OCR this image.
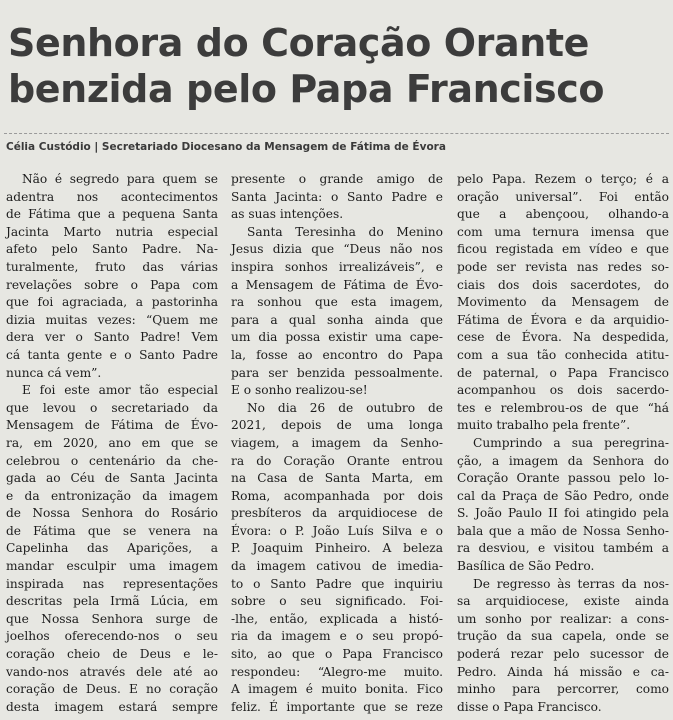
Senhora do Coração Orante
benzida pelo Papa Francisco
Célia Custódio | Secretariado Diocesano da Mensagem de Fátima de Évora
Não é segredo para quem se
adentra nos acontecimentos
de Fátima que a pequena Santa
Jacinta Marto nutria especial
afeto pelo Santo Padre. Na-
turalmente, fruto das várias
revelações sobre o Papa com
que foi agraciada, a pastorinha
dizia muitas vezes: “Quem me
dera ver o Santo Padre! Vem
cá tanta gente e o Santo Padre
nunca cá vem”.
E foi este amor tão especial
que levou o secretariado da
Mensagem de Fátima de Évo-
ra, em 2020, ano em que se
celebrou o centenário da che-
gada ao Céu de Santa Jacinta
e da entronização da imagem
de Nossa Senhora do Rosário
de Fátima que se venera na
Capelinha das Aparições, a
mandar esculpir uma imagem
inspirada nas representações
descritas pela Irmã Lúcia, em
que Nossa Senhora surge de
joelhos oferecendo-nos o seu
coração cheio de Deus e le-
vando-nos através dele até ao
coração de Deus. E no coração
desta imagem estará sempre
presente o grande amigo de
Santa Jacinta: o Santo Padre e
as suas intenções.
Santa Teresinha do Menino
Jesus dizia que “Deus não nos
inspira sonhos irrealizáveis”, e
a Mensagem de Fátima de Évo-
ra sonhou que esta imagem,
para a qual sonha ainda que
um dia possa existir uma cape-
la, fosse ao encontro do Papa
para ser benzida pessoalmente.
E o sonho realizou-se!
No dia 26 de outubro de
2021, depois de uma longa
viagem, a imagem da Senho-
ra do Coração Orante entrou
na Casa de Santa Marta, em
Roma, acompanhada por dois
presbíteros da arquidiocese de
Évora: o P. João Luís Silva e o
P. Joaquim Pinheiro. A beleza
da imagem cativou de imedia-
to o Santo Padre que inquiriu
sobre o seu significado. Foi-
-lhe, então, explicada a histó-
ria da imagem e o seu propó-
sito, ao que o Papa Francisco
respondeu: “Alegro-me muito.
A imagem é muito bonita. Fico
feliz. É importante que se reze
pelo Papa. Rezem o terço; é a
oração universal”. Foi então
que a abençoou, olhando-a
com uma ternura imensa que
ficou registada em vídeo e que
pode ser revista nas redes so-
ciais dos dois sacerdotes, do
Movimento da Mensagem de
Fátima de Évora e da arquidio-
cese de Évora. Na despedida,
com a sua tão conhecida atitu-
de paternal, o Papa Francisco
acompanhou os dois sacerdo-
tes e relembrou-os de que “há
muito trabalho pela frente”.
Cumprindo a sua peregrina-
ção, a imagem da Senhora do
Coração Orante passou pelo lo-
cal da Praça de São Pedro, onde
S. João Paulo II foi atingido pela
bala que a mão de Nossa Senho-
ra desviou, e visitou também a
Basílica de São Pedro.
De regresso às terras da nos-
sa arquidiocese, existe ainda
um sonho por realizar: a cons-
trução da sua capela, onde se
poderá rezar pelo sucessor de
Pedro. Ainda há missão e ca-
minho para percorrer, como
disse o Papa Francisco.
